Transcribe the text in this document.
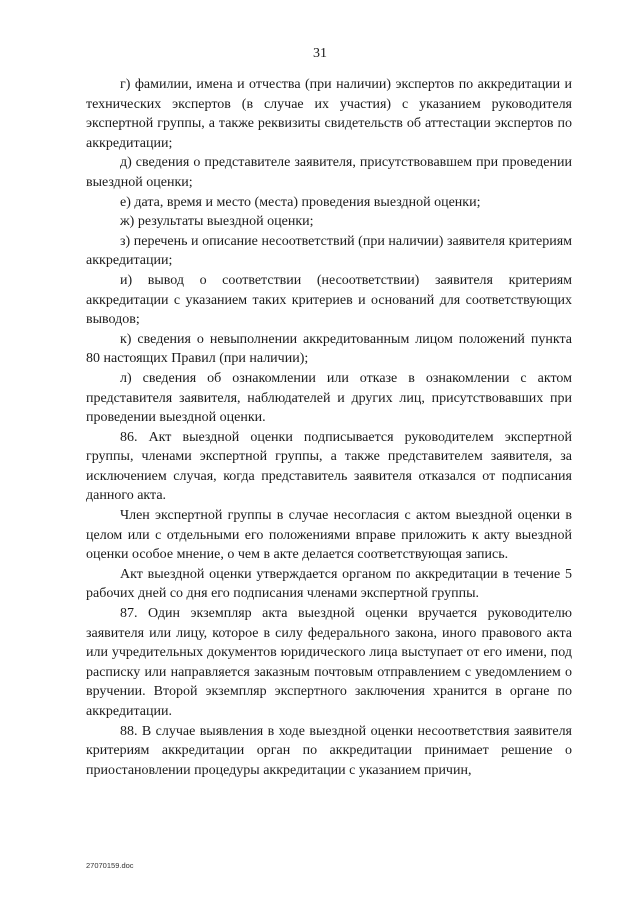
31

г) фамилии, имена и отчества (при наличии) экспертов по аккредитации и технических экспертов (в случае их участия) с указанием руководителя экспертной группы, а также реквизиты свидетельств об аттестации экспертов по аккредитации;

д) сведения о представителе заявителя, присутствовавшем при проведении выездной оценки;

е) дата, время и место (места) проведения выездной оценки;

ж) результаты выездной оценки;

з) перечень и описание несоответствий (при наличии) заявителя критериям аккредитации;

и) вывод о соответствии (несоответствии) заявителя критериям аккредитации с указанием таких критериев и оснований для соответствующих выводов;

к) сведения о невыполнении аккредитованным лицом положений пункта 80 настоящих Правил (при наличии);

л) сведения об ознакомлении или отказе в ознакомлении с актом представителя заявителя, наблюдателей и других лиц, присутствовавших при проведении выездной оценки.

86. Акт выездной оценки подписывается руководителем экспертной группы, членами экспертной группы, а также представителем заявителя, за исключением случая, когда представитель заявителя отказался от подписания данного акта.

Член экспертной группы в случае несогласия с актом выездной оценки в целом или с отдельными его положениями вправе приложить к акту выездной оценки особое мнение, о чем в акте делается соответствующая запись.

Акт выездной оценки утверждается органом по аккредитации в течение 5 рабочих дней со дня его подписания членами экспертной группы.

87. Один экземпляр акта выездной оценки вручается руководителю заявителя или лицу, которое в силу федерального закона, иного правового акта или учредительных документов юридического лица выступает от его имени, под расписку или направляется заказным почтовым отправлением с уведомлением о вручении. Второй экземпляр экспертного заключения хранится в органе по аккредитации.

88. В случае выявления в ходе выездной оценки несоответствия заявителя критериям аккредитации орган по аккредитации принимает решение о приостановлении процедуры аккредитации с указанием причин,

27070159.doc
